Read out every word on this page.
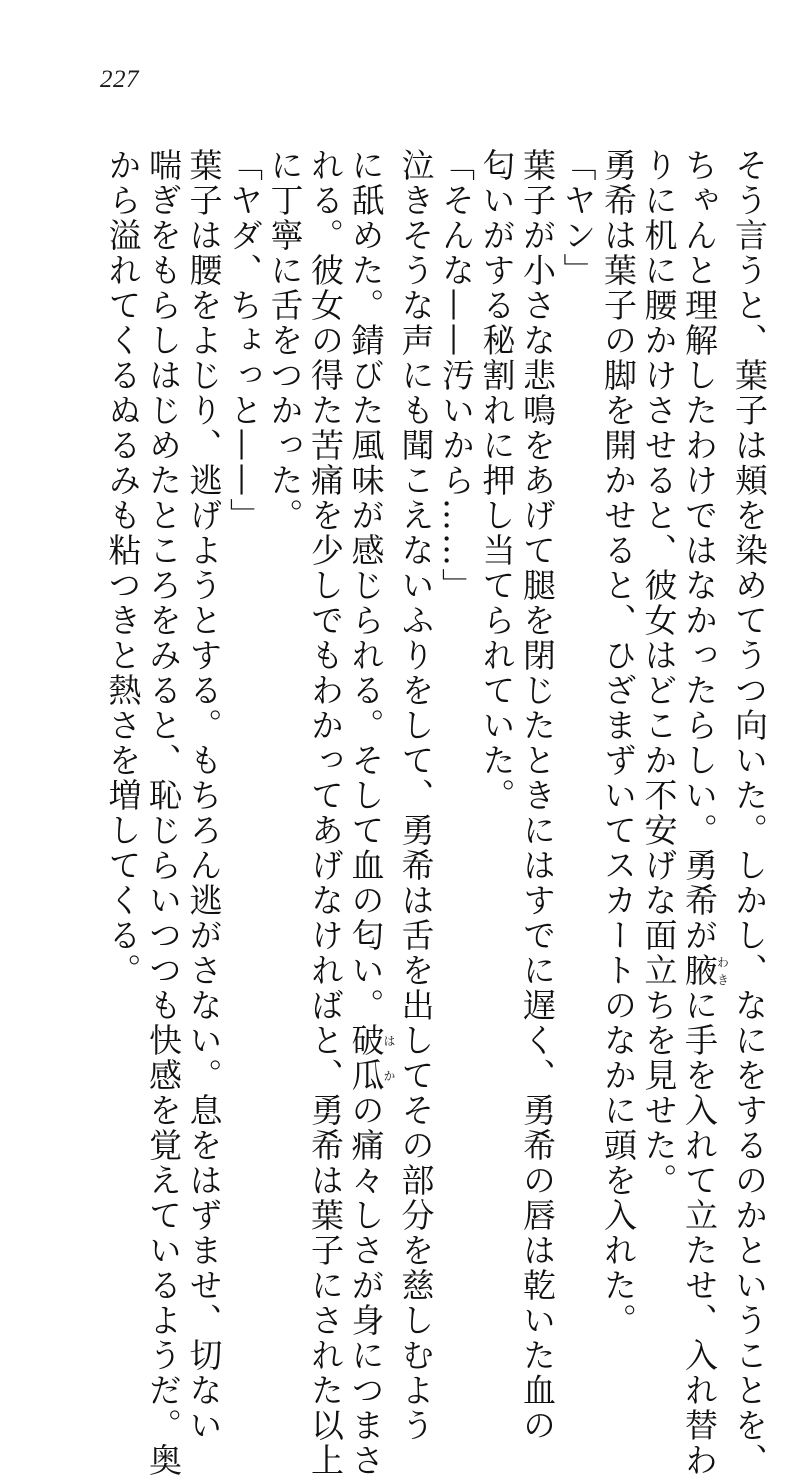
227
そう言うと、葉子は頬を染めてうつ向いた。しかし、なにをするのかということを、
ちゃんと理解したわけではなかったらしい。勇希が腋わきに手を入れて立たせ、入れ替わ
りに机に腰かけさせると、彼女はどこか不安げな面立ちを見せた。
勇希は葉子の脚を開かせると、ひざまずいてスカートのなかに頭を入れた。
「ヤン」
葉子が小さな悲鳴をあげて腿を閉じたときにはすでに遅く、勇希の唇は乾いた血の
匂いがする秘割れに押し当てられていた。
「そんな——汚いから……」
泣きそうな声にも聞こえないふりをして、勇希は舌を出してその部分を慈しむよう
に舐めた。錆びた風味が感じられる。そして血の匂い。破瓜はかの痛々しさが身につまさ
れる。彼女の得た苦痛を少しでもわかってあげなければと、勇希は葉子にされた以上
に丁寧に舌をつかった。
「ヤダ、ちょっと——」
葉子は腰をよじり、逃げようとする。もちろん逃がさない。息をはずませ、切ない
喘ぎをもらしはじめたところをみると、恥じらいつつも快感を覚えているようだ。奥
から溢れてくるぬるみも粘つきと熱さを増してくる。
